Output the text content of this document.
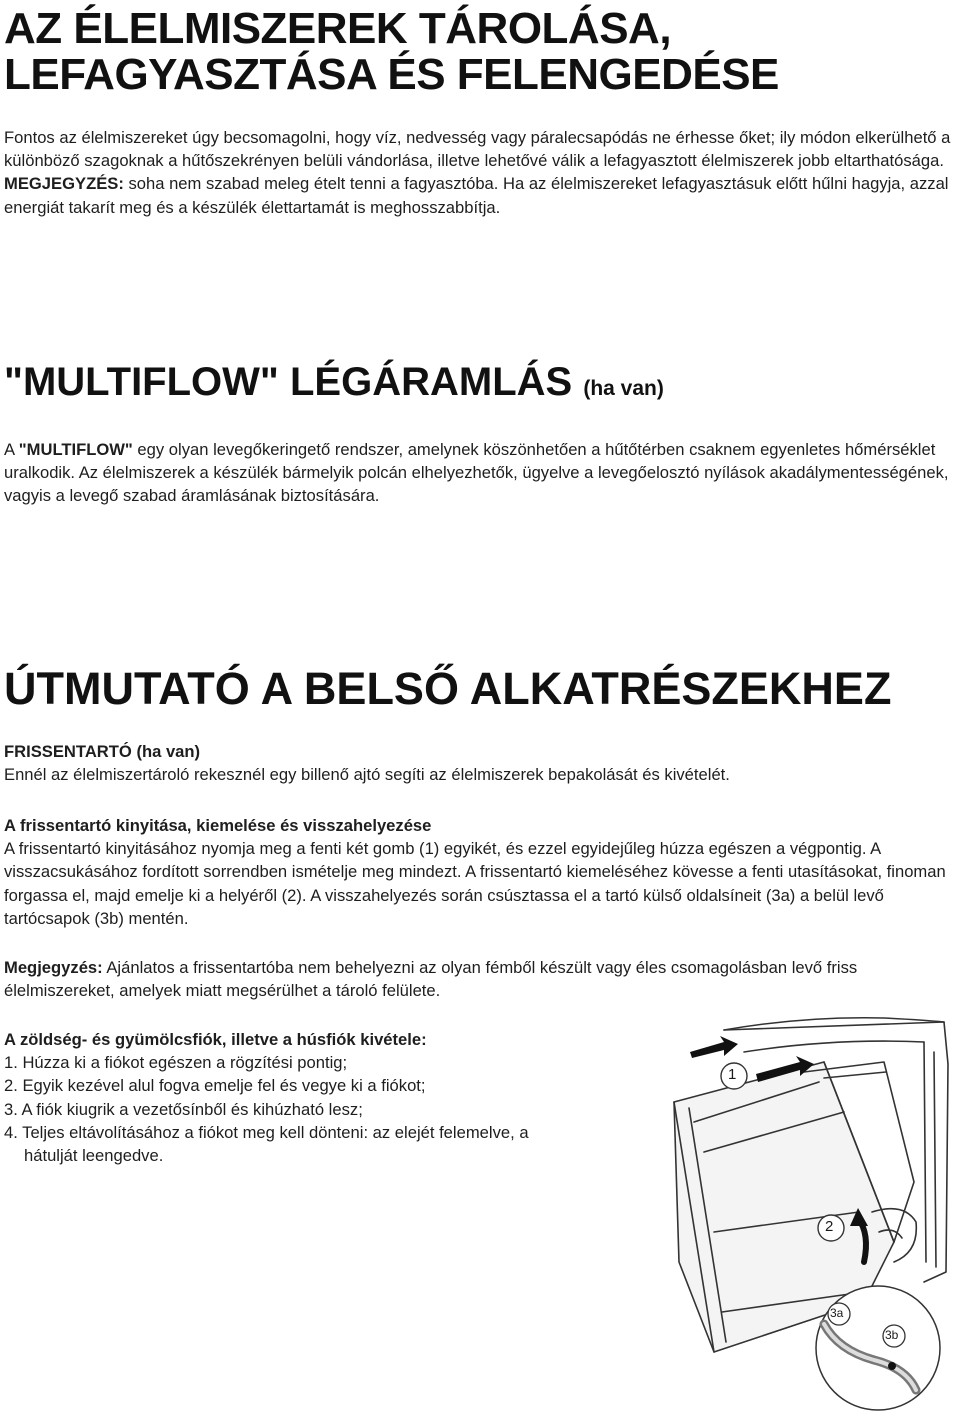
AZ ÉLELMISZEREK TÁROLÁSA,
LEFAGYASZTÁSA ÉS FELENGEDÉSE

Fontos az élelmiszereket úgy becsomagolni, hogy víz, nedvesség vagy páralecsapódás ne érhesse őket; ily módon elkerülhető a különböző szagoknak a hűtőszekrényen belüli vándorlása, illetve lehetővé válik a lefagyasztott élelmiszerek jobb eltarthatósága.

MEGJEGYZÉS: soha nem szabad meleg ételt tenni a fagyasztóba. Ha az élelmiszereket lefagyasztásuk előtt hűlni hagyja, azzal energiát takarít meg és a készülék élettartamát is meghosszabbítja.

"MULTIFLOW" LÉGÁRAMLÁS (ha van)

A "MULTIFLOW" egy olyan levegőkeringető rendszer, amelynek köszönhetően a hűtőtérben csaknem egyenletes hőmérséklet uralkodik. Az élelmiszerek a készülék bármelyik polcán elhelyezhetők, ügyelve a levegőelosztó nyílások akadálymentességének, vagyis a levegő szabad áramlásának biztosítására.

ÚTMUTATÓ A BELSŐ ALKATRÉSZEKHEZ

FRISSENTARTÓ (ha van)

Ennél az élelmiszertároló rekesznél egy billenő ajtó segíti az élelmiszerek bepakolását és kivételét.

A frissentartó kinyitása, kiemelése és visszahelyezése

A frissentartó kinyitásához nyomja meg a fenti két gomb (1) egyikét, és ezzel egyidejűleg húzza egészen a végpontig. A visszacsukásához fordított sorrendben ismételje meg mindezt. A frissentartó kiemeléséhez kövesse a fenti utasításokat, finoman forgassa el, majd emelje ki a helyéről (2). A visszahelyezés során csúsztassa el a tartó külső oldalsíneit (3a) a belül levő tartócsapok (3b) mentén.

Megjegyzés: Ajánlatos a frissentartóba nem behelyezni az olyan fémből készült vagy éles csomagolásban levő friss élelmiszereket, amelyek miatt megsérülhet a tároló felülete.

A zöldség- és gyümölcsfiók, illetve a húsfiók kivétele:

1. Húzza ki a fiókot egészen a rögzítési pontig;
2. Egyik kezével alul fogva emelje fel és vegye ki a fiókot;
3. A fiók kiugrik a vezetősínből és kihúzható lesz;
4. Teljes eltávolításához a fiókot meg kell dönteni: az elejét felemelve, a hátulját leengedve.
1
2
3a
3b
